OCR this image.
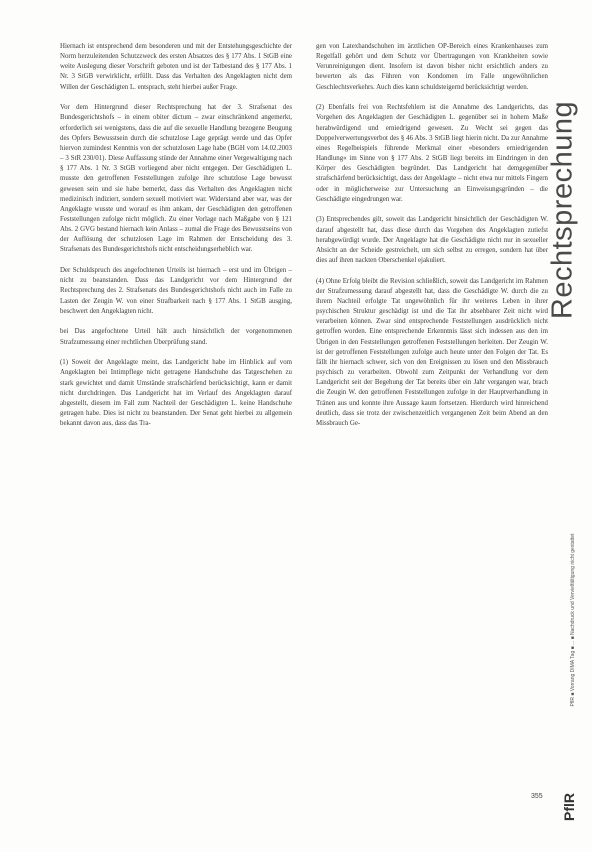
Hiernach ist entsprechend dem besonderen und mit der Entstehungsgeschichte der Norm herzuleitenden Schutzzweck des ersten Absatzes des § 177 Abs. 1 StGB eine weite Auslegung dieser Vorschrift geboten und ist der Tatbestand des § 177 Abs. 1 Nr. 3 StGB verwirklicht, erfüllt. Dass das Verhalten des Angeklagten nicht dem Willen der Geschädigten L. entsprach, steht hierbei außer Frage.

Vor dem Hintergrund dieser Rechtsprechung hat der 3. Strafsenat des Bundesgerichtshofs – in einem obiter dictum – zwar einschränkend angemerkt, erforderlich sei wenigstens, dass die auf die sexuelle Handlung bezogene Beugung des Opfers Bewusstsein durch die schutzlose Lage geprägt werde und das Opfer hiervon zumindest Kenntnis von der schutzlosen Lage habe (BGH vom 14.02.2003 – 3 StR 230/01). Diese Auffassung stünde der Annahme einer Vergewaltigung nach § 177 Abs. 1 Nr. 3 StGB vorliegend aber nicht entgegen. Der Geschädigten L. musste den getroffenen Feststellungen zufolge ihre schutzlose Lage bewusst gewesen sein und sie habe bemerkt, dass das Verhalten des Angeklagten nicht medizinisch indiziert, sondern sexuell motiviert war. Widerstand aber war, was der Angeklagte wusste und worauf es ihm ankam, der Geschädigten den getroffenen Feststellungen zufolge nicht möglich. Zu einer Vorlage nach Maßgabe von § 121 Abs. 2 GVG bestand hiernach kein Anlass – zumal die Frage des Bewusstseins von der Auflösung der schutzlosen Lage im Rahmen der Entscheidung des 3. Strafsenats des Bundesgerichtshofs nicht entscheidungserheblich war.

Der Schuldspruch des angefochtenen Urteils ist hiernach – erst und im Übrigen – nicht zu beanstanden. Dass das Landgericht vor dem Hintergrund der Rechtsprechung des 2. Strafsenats des Bundesgerichtshofs nicht auch im Falle zu Lasten der Zeugin W. von einer Strafbarkeit nach § 177 Abs. 1 StGB ausging, beschwert den Angeklagten nicht.

bei Das angefochtene Urteil hält auch hinsichtlich der vorgenommenen Strafzumessung einer rechtlichen Überprüfung stand.

(1) Soweit der Angeklagte meint, das Landgericht habe im Hinblick auf vom Angeklagten bei Intimpflege nicht getragene Handschuhe das Tatgeschehen zu stark gewichtet und damit Umstände strafschärfend berücksichtigt, kann er damit nicht durchdringen. Das Landgericht hat im Verlauf des Angeklagten darauf abgestellt, diesem im Fall zum Nachteil der Geschädigten L. keine Handschuhe getragen habe. Dies ist nicht zu beanstanden. Der Senat geht hierbei zu allgemein bekannt davon aus, dass das Tra-

gen von Latexhandschuhen im ärztlichen OP-Bereich eines Krankenhauses zum Regelfall gehört und dem Schutz vor Übertragungen von Krankheiten sowie Verunreinigungen dient. Insofern ist davon bisher nicht ersichtlich anders zu bewerten als das Führen von Kondomen im Falle ungewöhnlichen Geschlechtsverkehrs. Auch dies kann schuldsteigernd berücksichtigt werden.

(2) Ebenfalls frei von Rechtsfehlern ist die Annahme des Landgerichts, das Vorgehen des Angeklagten der Geschädigten L. gegenüber sei in hohem Maße herabwürdigend und erniedrigend gewesen. Zu Wecht sei gegen das Doppelverwertungsverbot des § 46 Abs. 3 StGB liegt hierin nicht. Da zur Annahme eines Regelbeispiels führende Merkmal einer »besonders erniedrigenden Handlung« im Sinne von § 177 Abs. 2 StGB liegt bereits im Eindringen in den Körper des Geschädigten begründet. Das Landgericht hat demgegenüber strafschärfend berücksichtigt, dass der Angeklagte – nicht etwa nur mittels Fingern oder in möglicherweise zur Untersuchung an Einweisungsgründen – die Geschädigte eingedrungen war.

(3) Entsprechendes gilt, soweit das Landgericht hinsichtlich der Geschädigten W. darauf abgestellt hat, dass diese durch das Vorgehen des Angeklagten zutiefst herabgewürdigt wurde. Der Angeklagte hat die Geschädigte nicht nur in sexueller Absicht an der Scheide gestreichelt, um sich selbst zu erregen, sondern hat über dies auf ihren nackten Oberschenkel ejakuliert.

(4) Ohne Erfolg bleibt die Revision schließlich, soweit das Landgericht im Rahmen der Strafzumessung darauf abgestellt hat, dass die Geschädigte W. durch die zu ihrem Nachteil erfolgte Tat ungewöhnlich für ihr weiteres Leben in ihrer psychischen Struktur geschädigt ist und die Tat ihr absehbarer Zeit nicht wird verarbeiten können. Zwar sind entsprechende Feststellungen ausdrücklich nicht getroffen worden. Eine entsprechende Erkenntnis lässt sich indessen aus den im Übrigen in den Feststellungen getroffenen Feststellungen herleiten. Der Zeugin W. ist der getroffenen Feststellungen zufolge auch heute unter den Folgen der Tat. Es fällt ihr hiernach schwer, sich von den Ereignissen zu lösen und den Missbrauch psychisch zu verarbeiten. Obwohl zum Zeitpunkt der Verhandlung vor dem Landgericht seit der Begehung der Tat bereits über ein Jahr vergangen war, brach die Zeugin W. den getroffenen Feststellungen zufolge in der Hauptverhandlung in Tränen aus und konnte ihre Aussage kaum fortsetzen. Hierdurch wird hinreichend deutlich, dass sie trotz der zwischenzeitlich vergangenen Zeit beim Abend an den Missbrauch Ge-

Rechtsprechung
PflR ■ Vorrang DIMA Tag ■ ... ■ Nachdruck und Vervielfältigung nicht gestattet
355 PflR
